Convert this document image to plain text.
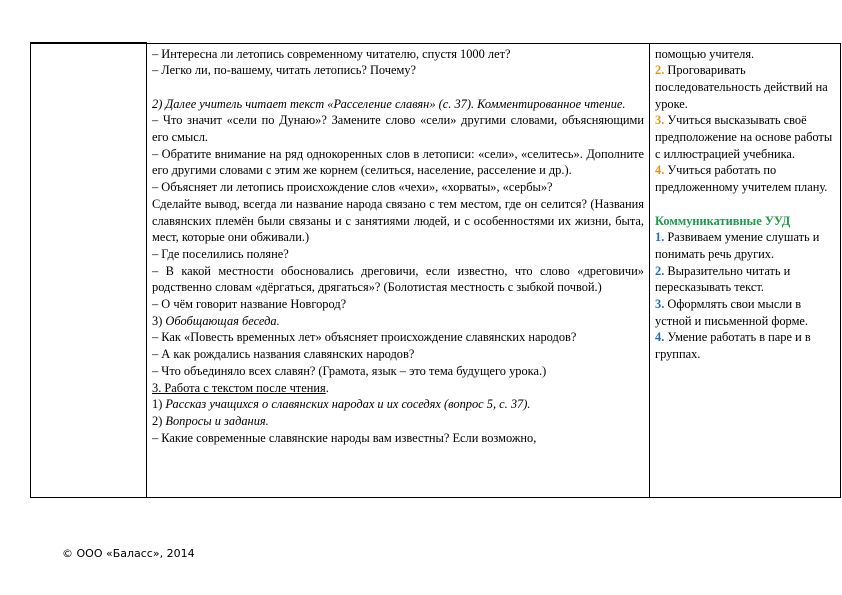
– Интересна ли летопись современному читателю, спустя 1000 лет?

– Легко ли, по-вашему, читать летопись? Почему?

2) Далее учитель читает текст «Расселение славян» (с. 37). Комментированное чтение.

– Что значит «сели по Дунаю»? Замените слово «сели» другими словами, объясняющими его смысл.

– Обратите внимание на ряд однокоренных слов в летописи: «сели», «селитесь». Дополните его другими словами с этим же корнем (селиться, население, расселение и др.).

– Объясняет ли летопись происхождение слов «чехи», «хорваты», «сербы»?

Сделайте вывод, всегда ли название народа связано с тем местом, где он селится? (Названия славянских племён были связаны и с занятиями людей, и с особенностями их жизни, быта, мест, которые они обживали.)

– Где поселились поляне?

– В какой местности обосновались дреговичи, если известно, что слово «дреговичи» родственно словам «дёргаться, дрягаться»? (Болотистая местность с зыбкой почвой.)

– О чём говорит название Новгород?

3) Обобщающая беседа.

– Как «Повесть временных лет» объясняет происхождение славянских народов?

– А как рождались названия славянских народов?

– Что объединяло всех славян? (Грамота, язык – это тема будущего урока.)

3. Работа с текстом после чтения.

1) Рассказ учащихся о славянских народах и их соседях (вопрос 5, с. 37).

2) Вопросы и задания.

– Какие современные славянские народы вам известны? Если возможно,

помощью учителя.

2. Проговаривать последовательность действий на уроке.

3. Учиться высказывать своё предположение на основе работы с иллюстрацией учебника.

4. Учиться работать по предложенному учителем плану.

Коммуникативные УУД

1. Развиваем умение слушать и понимать речь других.

2. Выразительно читать и пересказывать текст.

3. Оформлять свои мысли в устной и письменной форме.

4. Умение работать в паре и в группах.

© ООО «Баласс», 2014
